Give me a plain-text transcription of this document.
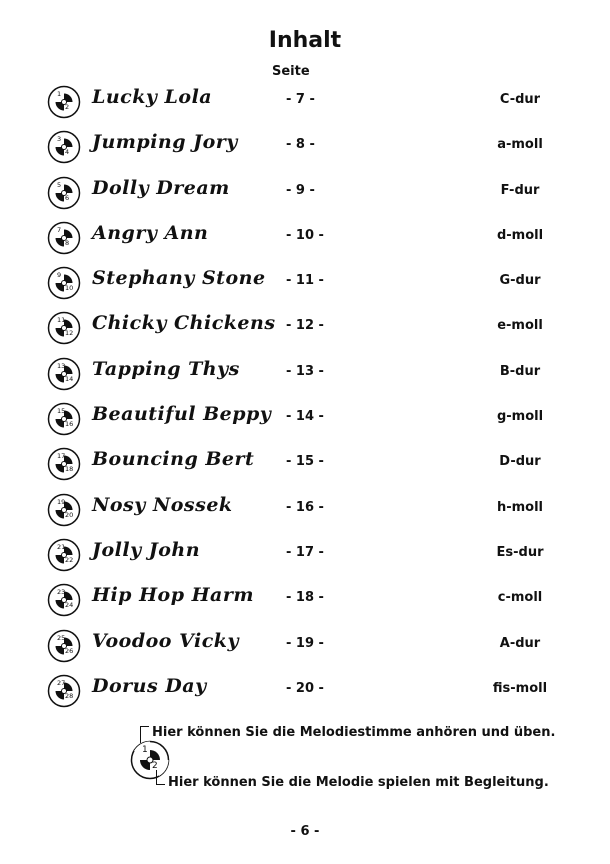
Inhalt
Seite
1
2 Lucky Lola	- 7 -	C-dur
3
4 Jumping Jory	- 8 -	a-moll
5
6 Dolly Dream	- 9 -	F-dur
7
8 Angry Ann	- 10 -	d-moll
9
10 Stephany Stone - 11 -	G-dur
11
12 Chicky Chickens - 12 -	e-moll
13
14 Tapping Thys	- 13 -	B-dur
15
16 Beautiful Beppy - 14 -	g-moll
17
18 Bouncing Bert - 15 -	D-dur
19
20 Nosy Nossek	- 16 -	h-moll
21
22 Jolly John	- 17 -	Es-dur
23
24 Hip Hop Harm - 18 -	c-moll
25
26 Voodoo Vicky	- 19 -	A-dur
27
28 Dorus Day	- 20 -	fis-moll
Hier können Sie die Melodiestimme anhören und üben.
1
2
Hier können Sie die Melodie spielen mit Begleitung.
- 6 -
